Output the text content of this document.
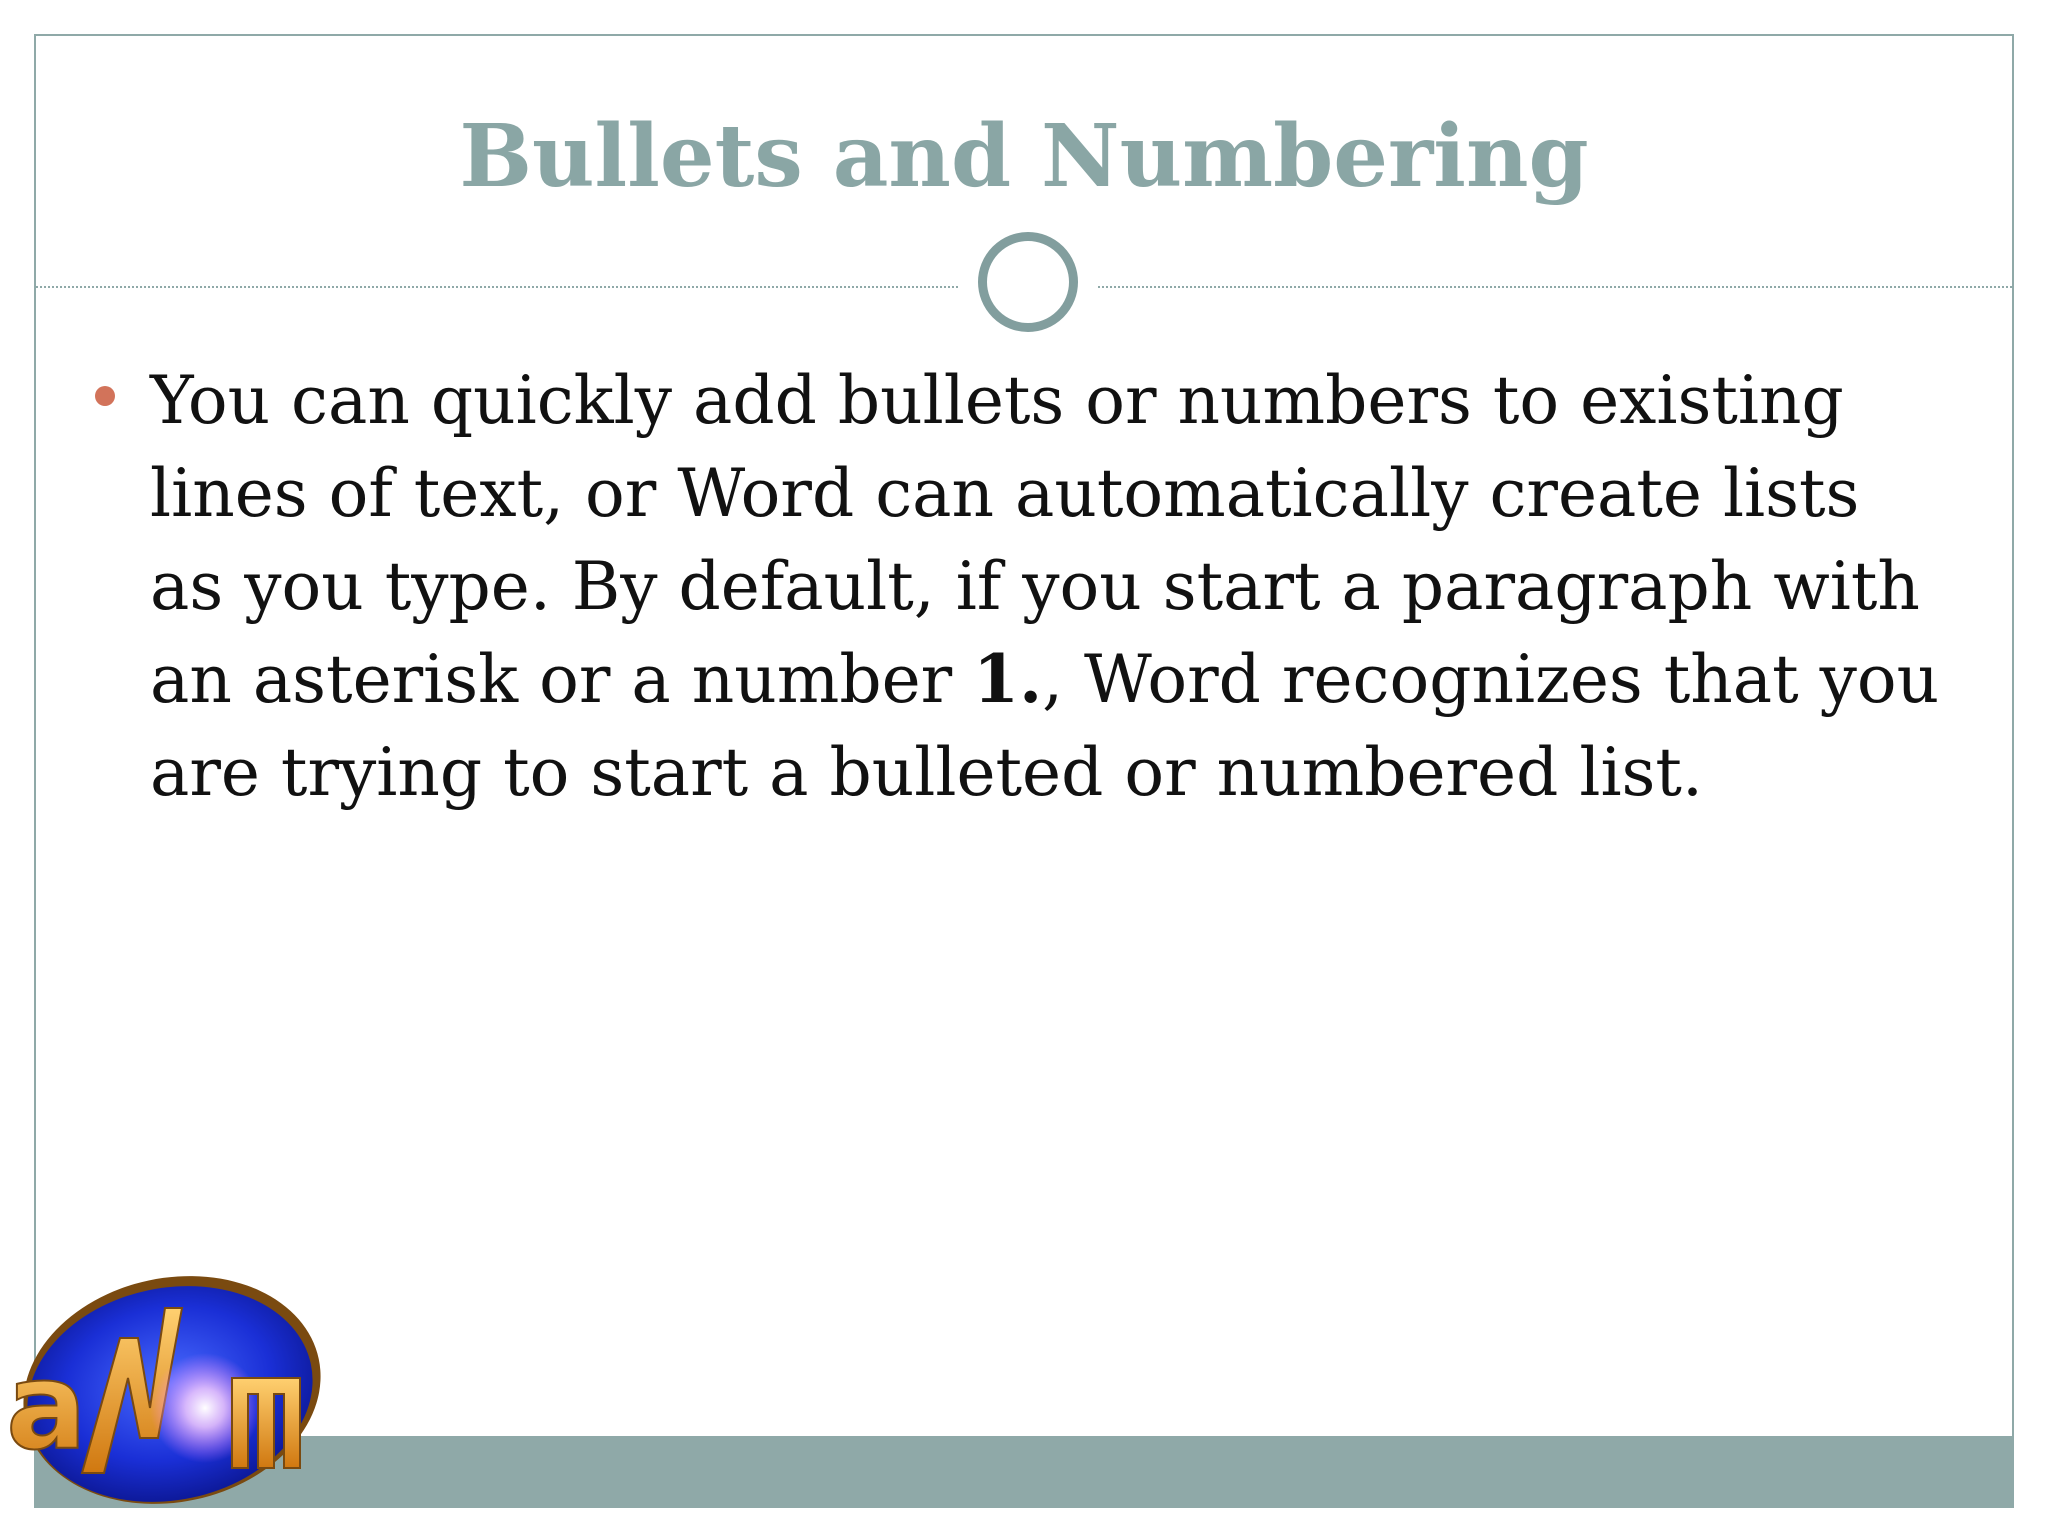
Bullets and Numbering

You can quickly add bullets or numbers to existing lines of text, or Word can automatically create lists as you type. By default, if you start a paragraph with an asterisk or a number 1., Word recognizes that you are trying to start a bulleted or numbered list.

a
